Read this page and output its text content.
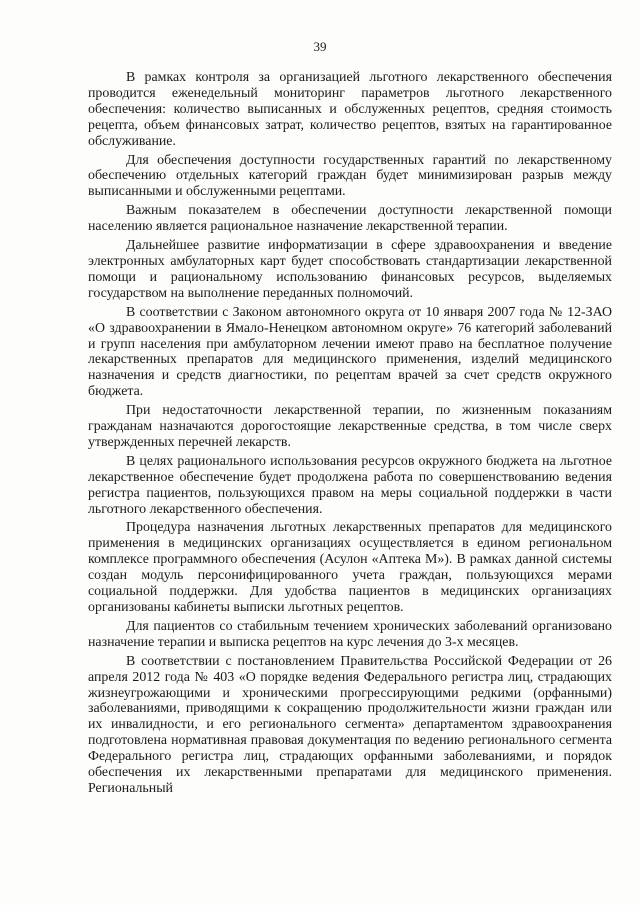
39

В рамках контроля за организацией льготного лекарственного обеспечения проводится еженедельный мониторинг параметров льготного лекарственного обеспечения: количество выписанных и обслуженных рецептов, средняя стоимость рецепта, объем финансовых затрат, количество рецептов, взятых на гарантированное обслуживание.

Для обеспечения доступности государственных гарантий по лекарственному обеспечению отдельных категорий граждан будет минимизирован разрыв между выписанными и обслуженными рецептами.

Важным показателем в обеспечении доступности лекарственной помощи населению является рациональное назначение лекарственной терапии.

Дальнейшее развитие информатизации в сфере здравоохранения и введение электронных амбулаторных карт будет способствовать стандартизации лекарственной помощи и рациональному использованию финансовых ресурсов, выделяемых государством на выполнение переданных полномочий.

В соответствии с Законом автономного округа от 10 января 2007 года № 12-ЗАО «О здравоохранении в Ямало-Ненецком автономном округе» 76 категорий заболеваний и групп населения при амбулаторном лечении имеют право на бесплатное получение лекарственных препаратов для медицинского применения, изделий медицинского назначения и средств диагностики, по рецептам врачей за счет средств окружного бюджета.

При недостаточности лекарственной терапии, по жизненным показаниям гражданам назначаются дорогостоящие лекарственные средства, в том числе сверх утвержденных перечней лекарств.

В целях рационального использования ресурсов окружного бюджета на льготное лекарственное обеспечение будет продолжена работа по совершенствованию ведения регистра пациентов, пользующихся правом на меры социальной поддержки в части льготного лекарственного обеспечения.

Процедура назначения льготных лекарственных препаратов для медицинского применения в медицинских организациях осуществляется в едином региональном комплексе программного обеспечения (Асулон «Аптека М»). В рамках данной системы создан модуль персонифицированного учета граждан, пользующихся мерами социальной поддержки. Для удобства пациентов в медицинских организациях организованы кабинеты выписки льготных рецептов.

Для пациентов со стабильным течением хронических заболеваний организовано назначение терапии и выписка рецептов на курс лечения до 3-х месяцев.

В соответствии с постановлением Правительства Российской Федерации от 26 апреля 2012 года № 403 «О порядке ведения Федерального регистра лиц, страдающих жизнеугрожающими и хроническими прогрессирующими редкими (орфанными) заболеваниями, приводящими к сокращению продолжительности жизни граждан или их инвалидности, и его регионального сегмента» департаментом здравоохранения подготовлена нормативная правовая документация по ведению регионального сегмента Федерального регистра лиц, страдающих орфанными заболеваниями, и порядок обеспечения их лекарственными препаратами для медицинского применения. Региональный
